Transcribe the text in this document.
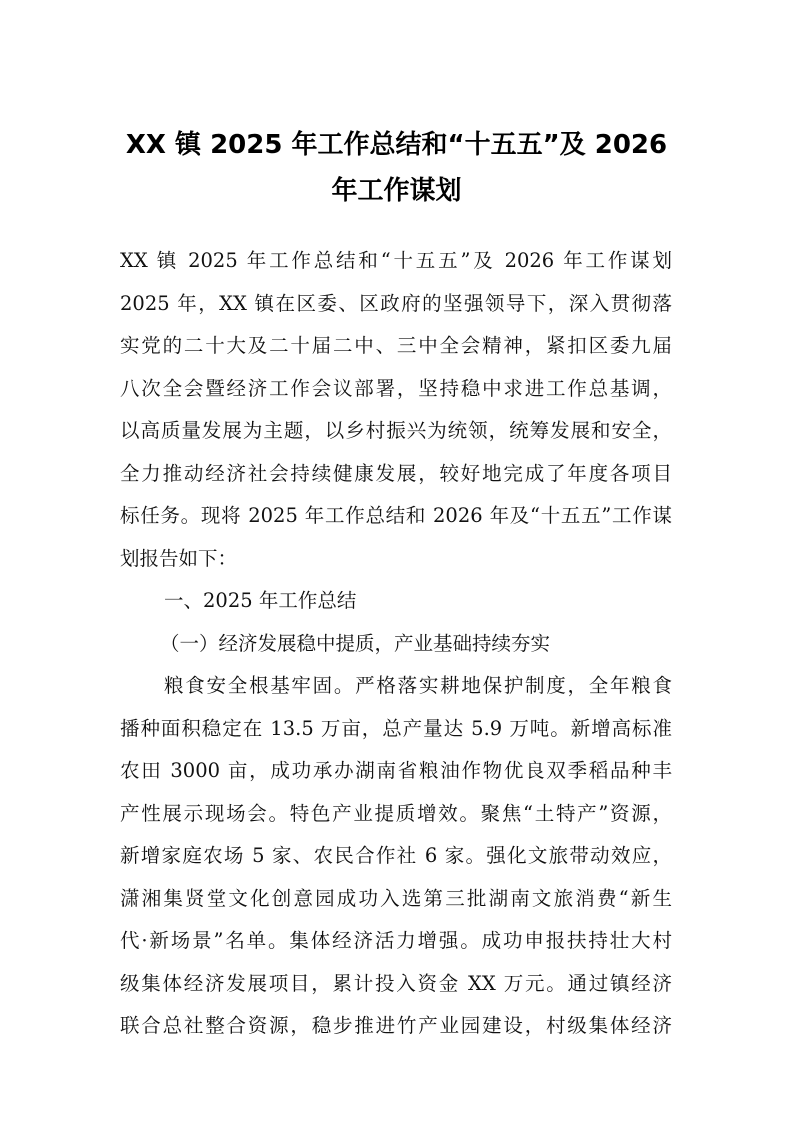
XX 镇 2025 年工作总结和“十五五”及 2026
年工作谋划
XX 镇 2025 年工作总结和“十五五”及 2026 年工作谋划
2025 年，XX 镇在区委、区政府的坚强领导下，深入贯彻落
实党的二十大及二十届二中、三中全会精神，紧扣区委九届
八次全会暨经济工作会议部署，坚持稳中求进工作总基调，
以高质量发展为主题，以乡村振兴为统领，统筹发展和安全，
全力推动经济社会持续健康发展，较好地完成了年度各项目
标任务。现将 2025 年工作总结和 2026 年及“十五五”工作谋
划报告如下：
一、2025 年工作总结
（一）经济发展稳中提质，产业基础持续夯实
粮食安全根基牢固。严格落实耕地保护制度，全年粮食
播种面积稳定在 13.5 万亩，总产量达 5.9 万吨。新增高标准
农田 3000 亩，成功承办湖南省粮油作物优良双季稻品种丰
产性展示现场会。特色产业提质增效。聚焦“土特产”资源，
新增家庭农场 5 家、农民合作社 6 家。强化文旅带动效应，
潇湘集贤堂文化创意园成功入选第三批湖南文旅消费“新生
代·新场景”名单。集体经济活力增强。成功申报扶持壮大村
级集体经济发展项目，累计投入资金 XX 万元。通过镇经济
联合总社整合资源，稳步推进竹产业园建设，村级集体经济
